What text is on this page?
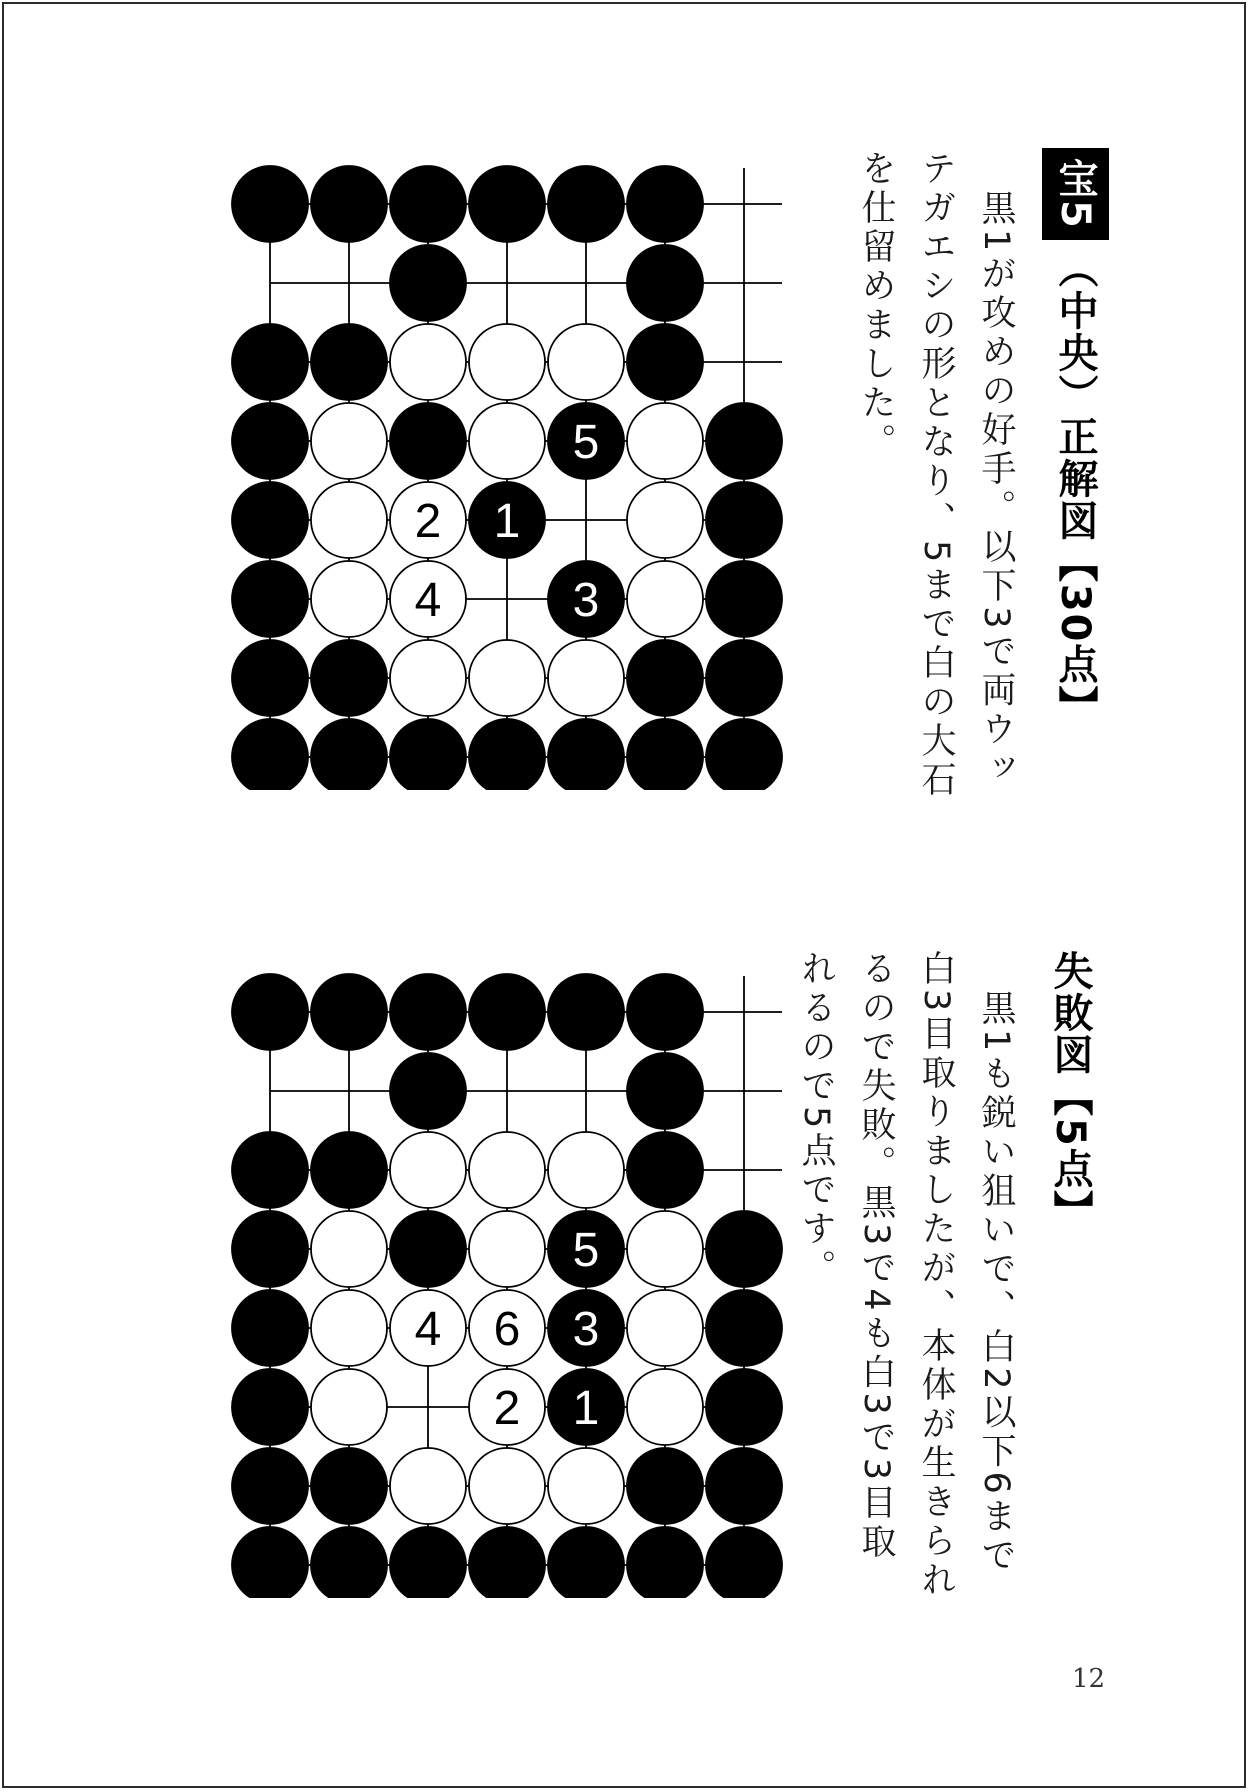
5
2 1
4	3
5
4 6 3
2 1
宝5（中央）正解図【30点】
黒1が攻めの好手。以下3で両ウッ
テガエシの形となり、5まで白の大石
を仕留めました。
失敗図【5点】
黒1も鋭い狙いで、白2以下6まで
白3目取りましたが、本体が生きられ
るので失敗。黒3で4も白3で3目取
れるので5点です。
12
